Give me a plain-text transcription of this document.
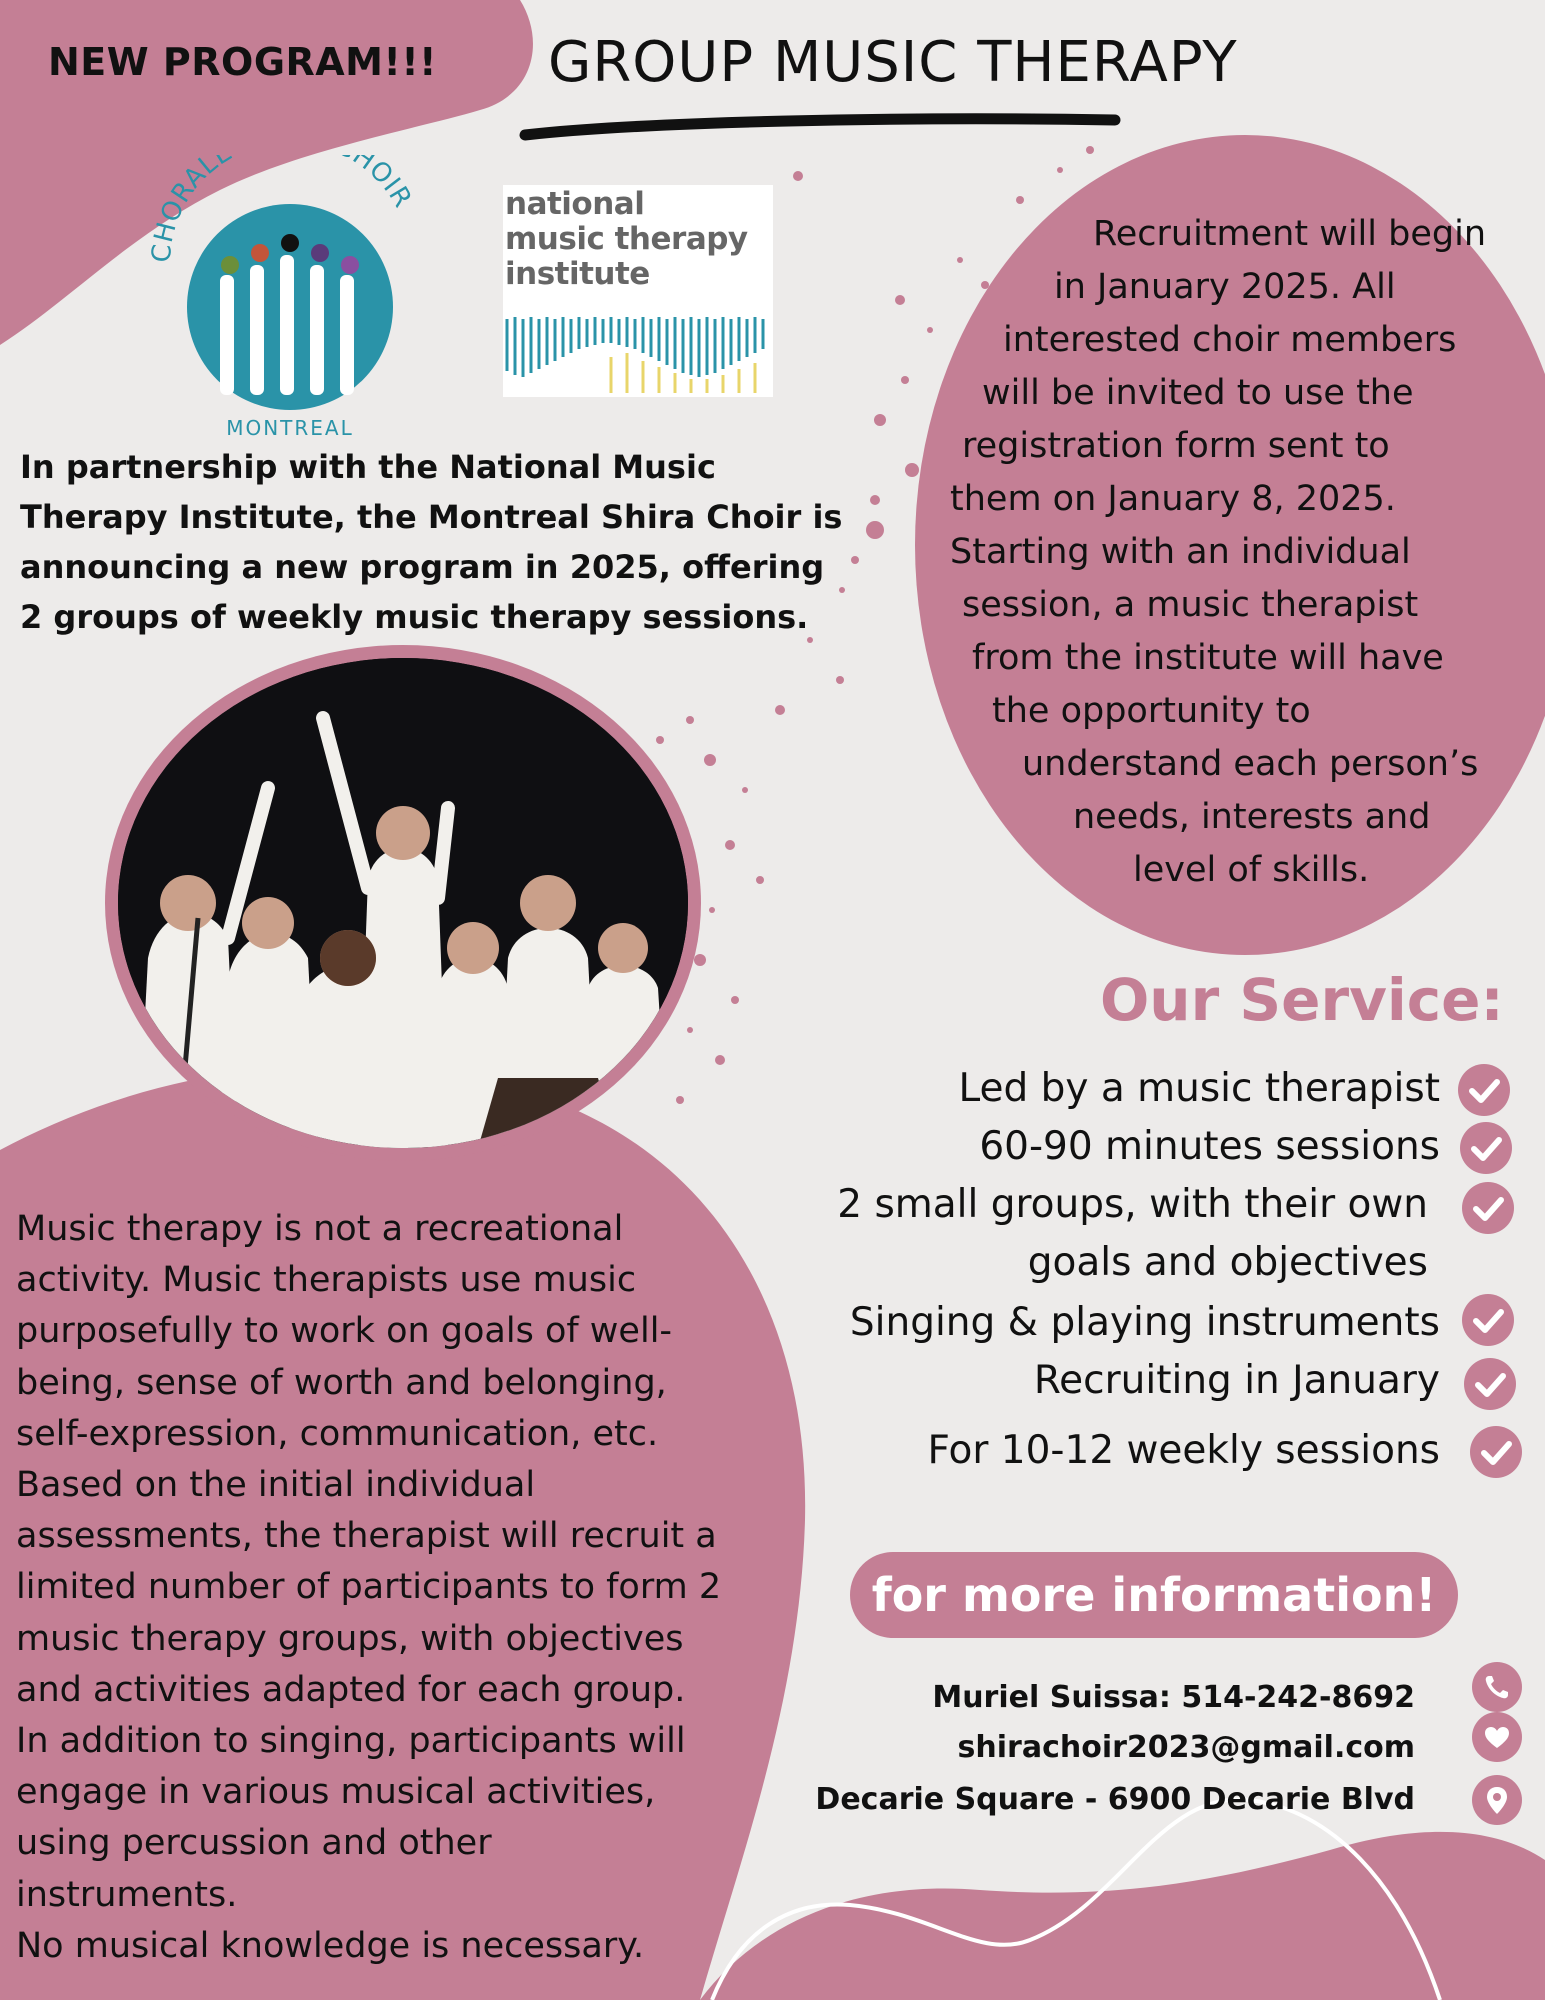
NEW PROGRAM!!! GROUP MUSIC THERAPY
HORAL HOIR
MONTREAL
national
music therapy
institute
In partnership with the National Music
Therapy Institute, the Montreal Shira Choir is
announcing a new program in 2025, offering
2 groups of weekly music therapy sessions.
Recruitment will begin
in January 2025. All
interested choir members
will be invited to use the
registration form sent to
them on January 8, 2025.
Starting with an individual
session, a music therapist
from the institute will have
the opportunity to
understand each person’s
needs, interests and
level of skills.
Our Service:
Led by a music therapist
60-90 minutes sessions
2 small groups, with their own
goals and objectives
Singing & playing instruments
Recruiting in January
For 10-12 weekly sessions
for more information!
Muriel Suissa: 514-242-8692
shirachoir2023@gmail.com
Decarie Square - 6900 Decarie Blvd
Music therapy is not a recreational
activity. Music therapists use music
purposefully to work on goals of well-
being, sense of worth and belonging,
self-expression, communication, etc.
Based on the initial individual
assessments, the therapist will recruit a
limited number of participants to form 2
music therapy groups, with objectives
and activities adapted for each group.
In addition to singing, participants will
engage in various musical activities,
using percussion and other
instruments.
No musical knowledge is necessary.
